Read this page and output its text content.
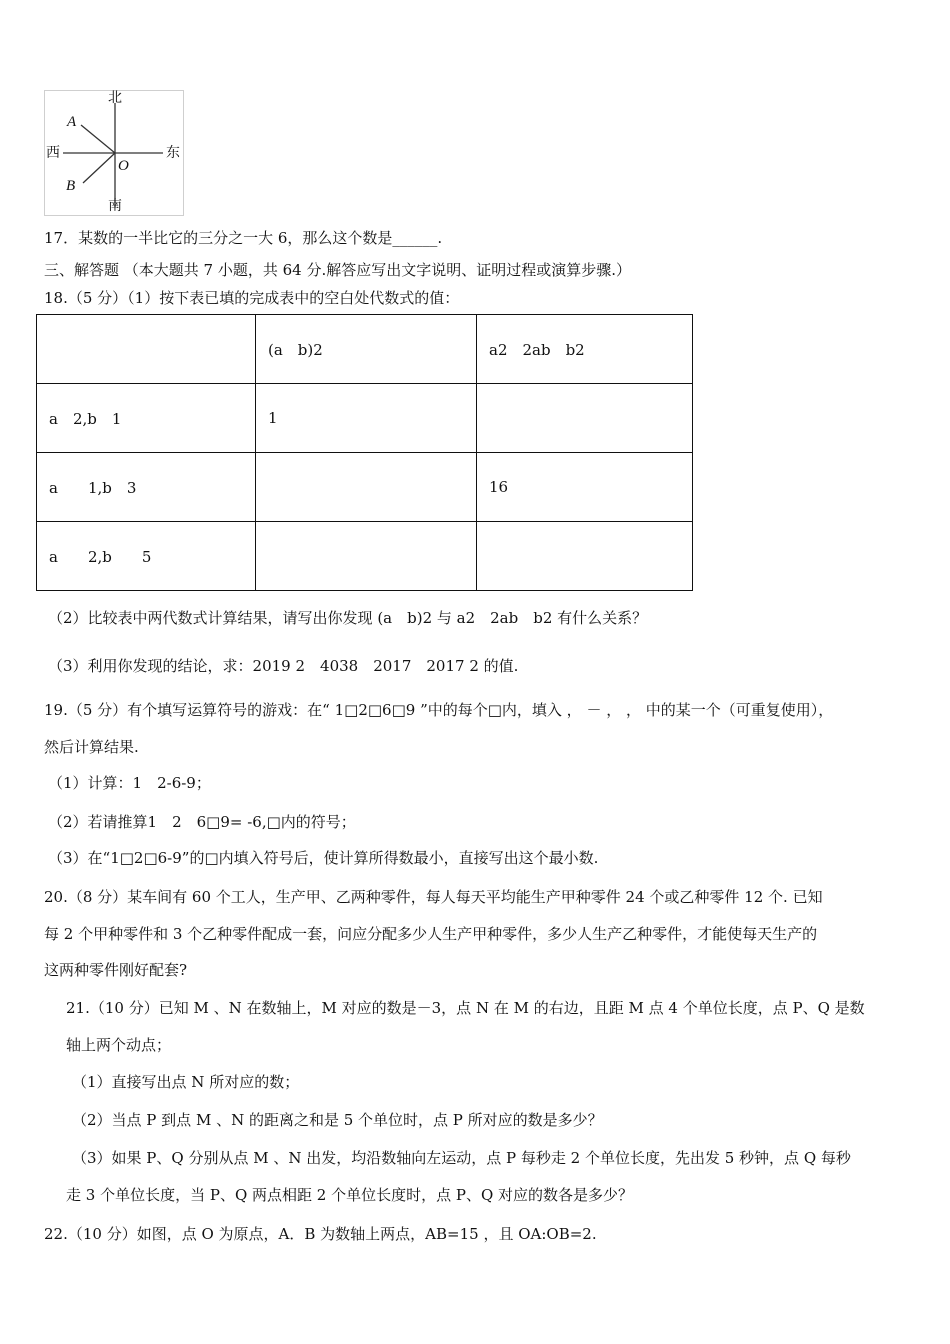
北
南
西	东
A
B
O
17．某数的一半比它的三分之一大 6，那么这个数是______.
三、解答题 （本大题共 7 小题，共 64 分.解答应写出文字说明、证明过程或演算步骤.）
18.（5 分）（1）按下表已填的完成表中的空白处代数式的值：
	(a　b)2	a2　2ab　b2
a　2,b　1	1	
a　　1,b　3		16
a　　2,b　　5		
（2）比较表中两代数式计算结果，请写出你发现 (a　b)2 与 a2　2ab　b2 有什么关系？
（3）利用你发现的结论，求：2019 2　4038　2017　2017 2 的值.
19.（5 分）有个填写运算符号的游戏：在“ 1□2□6□9 ”中的每个□内，填入 ， － ， ， 中的某一个（可重复使用），
然后计算结果.
（1）计算：1　2-6-9；
（2）若请推算1　2　6□9= -6,□内的符号；
（3）在“1□2□6-9”的□内填入符号后，使计算所得数最小，直接写出这个最小数.
20.（8 分）某车间有 60 个工人，生产甲、乙两种零件，每人每天平均能生产甲种零件 24 个或乙种零件 12 个. 已知
每 2 个甲种零件和 3 个乙种零件配成一套，问应分配多少人生产甲种零件，多少人生产乙种零件，才能使每天生产的
这两种零件刚好配套?
21.（10 分）已知 M 、N 在数轴上，M 对应的数是－3，点 N 在 M 的右边，且距 M 点 4 个单位长度，点 P、Q 是数
轴上两个动点；
（1）直接写出点 N 所对应的数；
（2）当点 P 到点 M 、N 的距离之和是 5 个单位时，点 P 所对应的数是多少？
（3）如果 P、Q 分别从点 M 、N 出发，均沿数轴向左运动，点 P 每秒走 2 个单位长度，先出发 5 秒钟，点 Q 每秒
走 3 个单位长度，当 P、Q 两点相距 2 个单位长度时，点 P、Q 对应的数各是多少？
22.（10 分）如图，点 O 为原点，A．B 为数轴上两点，AB=15 ，且 OA:OB=2.
